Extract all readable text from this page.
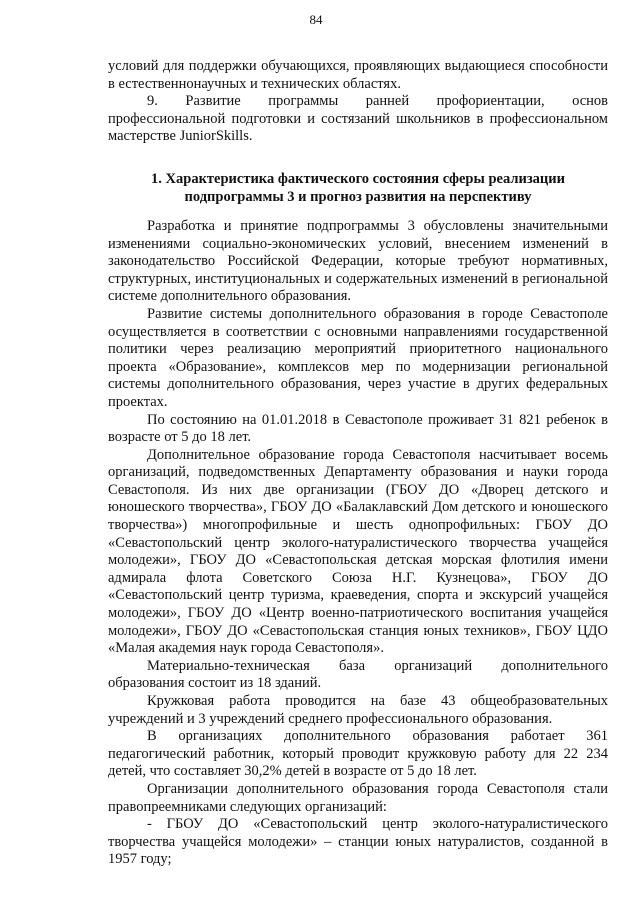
84

условий для поддержки обучающихся, проявляющих выдающиеся способности в естественнонаучных и технических областях.

9. Развитие программы ранней профориентации, основ профессиональной подготовки и состязаний школьников в профессиональном мастерстве JuniorSkills.

1. Характеристика фактического состояния сферы реализации
подпрограммы 3 и прогноз развития на перспективу

Разработка и принятие подпрограммы 3 обусловлены значительными изменениями социально-экономических условий, внесением изменений в законодательство Российской Федерации, которые требуют нормативных, структурных, институциональных и содержательных изменений в региональной системе дополнительного образования.

Развитие системы дополнительного образования в городе Севастополе осуществляется в соответствии с основными направлениями государственной политики через реализацию мероприятий приоритетного национального проекта «Образование», комплексов мер по модернизации региональной системы дополнительного образования, через участие в других федеральных проектах.

По состоянию на 01.01.2018 в Севастополе проживает 31 821 ребенок в возрасте от 5 до 18 лет.

Дополнительное образование города Севастополя насчитывает восемь организаций, подведомственных Департаменту образования и науки города Севастополя. Из них две организации (ГБОУ ДО «Дворец детского и юношеского творчества», ГБОУ ДО «Балаклавский Дом детского и юношеского творчества») многопрофильные и шесть однопрофильных: ГБОУ ДО «Севастопольский центр эколого-натуралистического творчества учащейся молодежи», ГБОУ ДО «Севастопольская детская морская флотилия имени адмирала флота Советского Союза Н.Г. Кузнецова», ГБОУ ДО «Севастопольский центр туризма, краеведения, спорта и экскурсий учащейся молодежи», ГБОУ ДО «Центр военно-патриотического воспитания учащейся молодежи», ГБОУ ДО «Севастопольская станция юных техников», ГБОУ ЦДО «Малая академия наук города Севастополя».

Материально-техническая база организаций дополнительного образования состоит из 18 зданий.

Кружковая работа проводится на базе 43 общеобразовательных учреждений и 3 учреждений среднего профессионального образования.

В организациях дополнительного образования работает 361 педагогический работник, который проводит кружковую работу для 22 234 детей, что составляет 30,2% детей в возрасте от 5 до 18 лет.

Организации дополнительного образования города Севастополя стали правопреемниками следующих организаций:

- ГБОУ ДО «Севастопольский центр эколого-натуралистического творчества учащейся молодежи» – станции юных натуралистов, созданной в 1957 году;
